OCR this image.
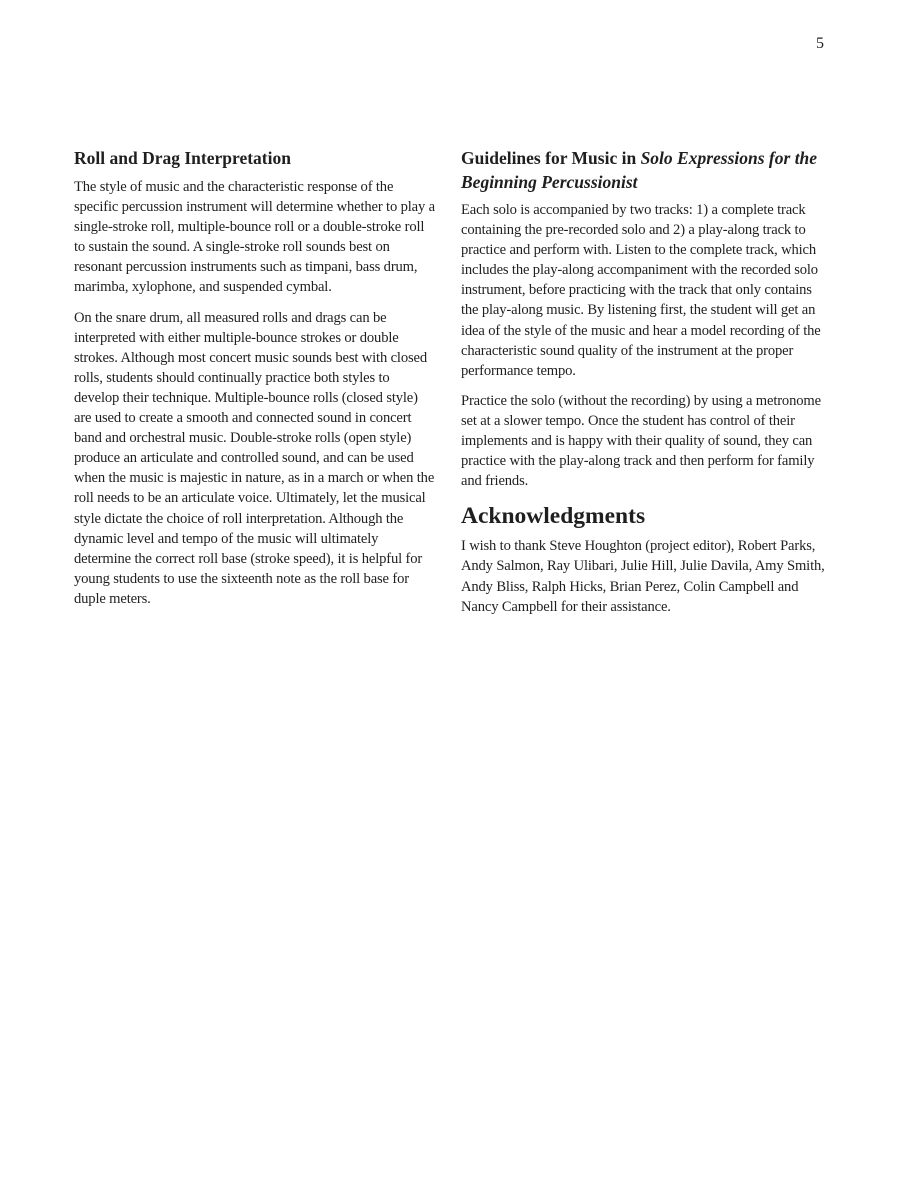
5
Roll and Drag Interpretation

The style of music and the characteristic response of the specific percussion instrument will determine whether to play a single-stroke roll, multiple-bounce roll or a double-stroke roll to sustain the sound. A single-stroke roll sounds best on resonant percussion instruments such as timpani, bass drum, marimba, xylophone, and suspended cymbal.

On the snare drum, all measured rolls and drags can be interpreted with either multiple-bounce strokes or double strokes. Although most concert music sounds best with closed rolls, students should continually practice both styles to develop their technique. Multiple-bounce rolls (closed style) are used to create a smooth and connected sound in concert band and orchestral music. Double-stroke rolls (open style) produce an articulate and controlled sound, and can be used when the music is majestic in nature, as in a march or when the roll needs to be an articulate voice. Ultimately, let the musical style dictate the choice of roll interpretation. Although the dynamic level and tempo of the music will ultimately determine the correct roll base (stroke speed), it is helpful for young students to use the sixteenth note as the roll base for duple meters.

Guidelines for Music in Solo Expressions for the Beginning Percussionist

Each solo is accompanied by two tracks: 1) a complete track containing the pre-recorded solo and 2) a play-along track to practice and perform with. Listen to the complete track, which includes the play-along accompaniment with the recorded solo instrument, before practicing with the track that only contains the play-along music. By listening first, the student will get an idea of the style of the music and hear a model recording of the characteristic sound quality of the instrument at the proper performance tempo.

Practice the solo (without the recording) by using a metronome set at a slower tempo. Once the student has control of their implements and is happy with their quality of sound, they can practice with the play-along track and then perform for family and friends.

Acknowledgments

I wish to thank Steve Houghton (project editor), Robert Parks, Andy Salmon, Ray Ulibari, Julie Hill, Julie Davila, Amy Smith, Andy Bliss, Ralph Hicks, Brian Perez, Colin Campbell and Nancy Campbell for their assistance.
